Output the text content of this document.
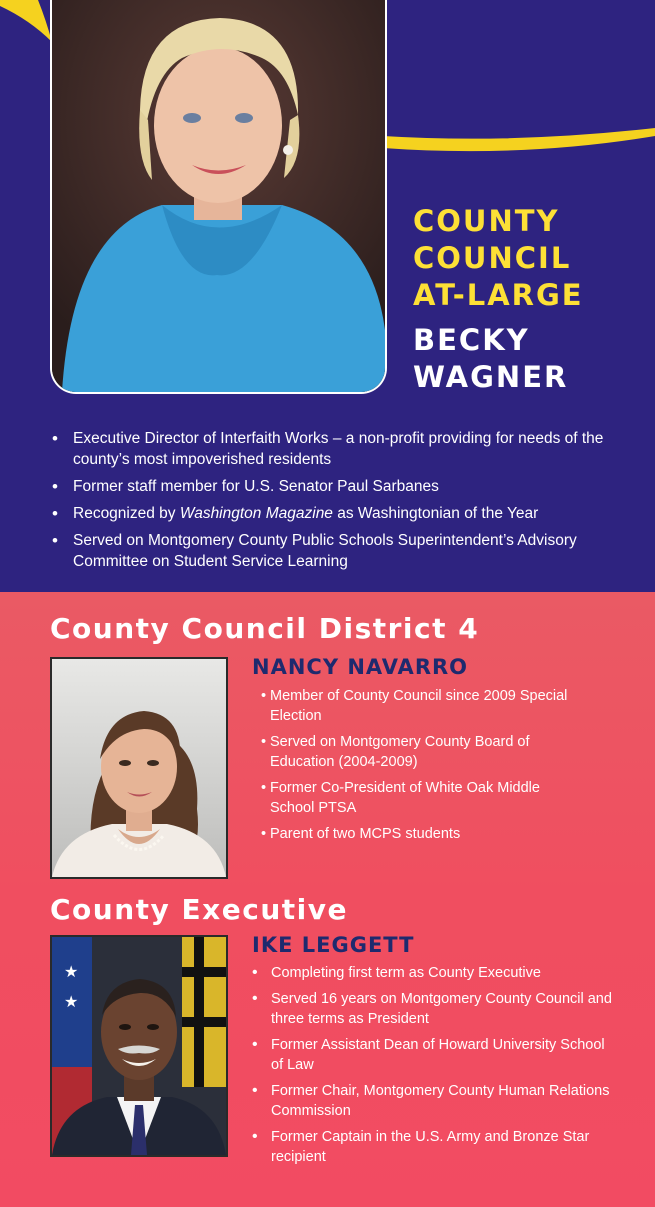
COUNTY
COUNCIL
AT-LARGE
BECKY
WAGNER
• Executive Director of Interfaith Works – a non-profit providing for needs of the county’s most impoverished residents
• Former staff member for U.S. Senator Paul Sarbanes
• Recognized by Washington Magazine as Washingtonian of the Year
• Served on Montgomery County Public Schools Superintendent’s Advisory Committee on Student Service Learning
County Council District 4
NANCY NAVARRO
• Member of County Council since 2009 Special Election
• Served on Montgomery County Board of Education (2004-2009)
• Former Co-President of White Oak Middle School PTSA
• Parent of two MCPS students
County Executive
★
★
IKE LEGGETT
• Completing first term as County Executive
• Served 16 years on Montgomery County Council and three terms as President
• Former Assistant Dean of Howard University School of Law
• Former Chair, Montgomery County Human Relations Commission
• Former Captain in the U.S. Army and Bronze Star recipient
